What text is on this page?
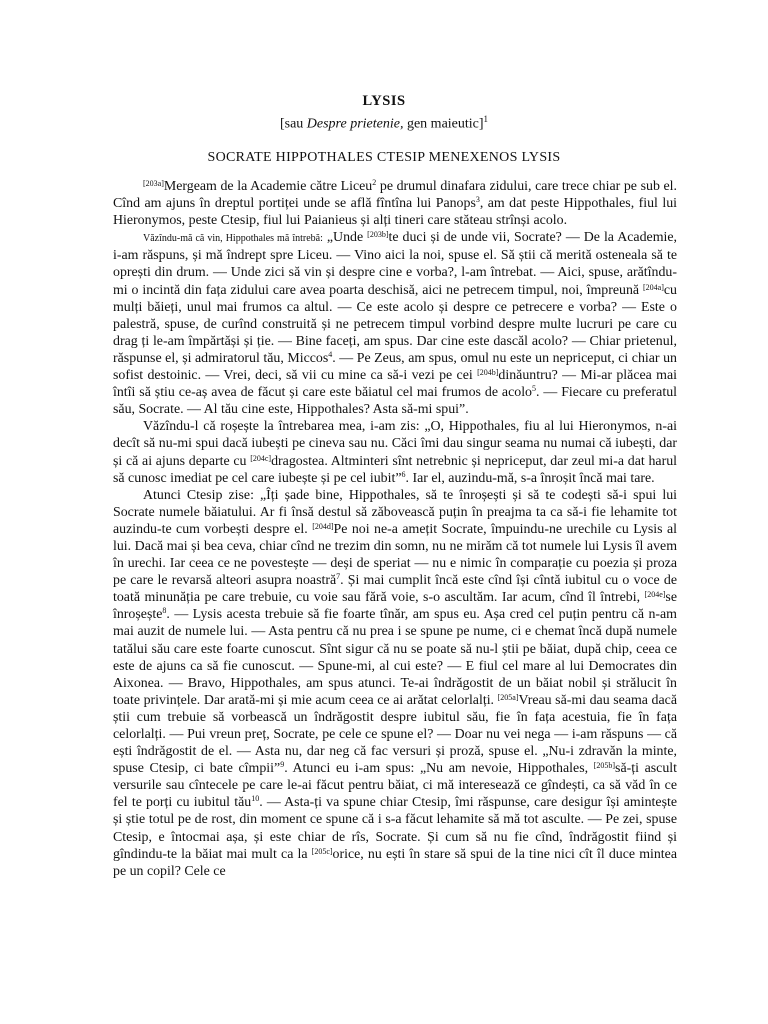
LYSIS
[sau Despre prietenie, gen maieutic]$^1$
SOCRATE HIPPOTHALES CTESIP MENEXENOS LYSIS

[203a]Mergeam de la Academie către Liceu$^2$ pe drumul dinafara zidului, care trece chiar pe sub el. Cînd am ajuns în dreptul portiței unde se află fîntîna lui Panops$^3$, am dat peste Hippothales, fiul lui Hieronymos, peste Ctesip, fiul lui Paianieus și alți tineri care stăteau strînși acolo.

Văzîndu-mă că vin, Hippothales mă întrebă: „Unde [203b]te duci și de unde vii, Socrate? — De la Academie, i-am răspuns, și mă îndrept spre Liceu. — Vino aici la noi, spuse el. Să știi că merită osteneala să te oprești din drum. — Unde zici să vin și despre cine e vorba?, l-am întrebat. — Aici, spuse, arătîndu-mi o incintă din fața zidului care avea poarta deschisă, aici ne petrecem timpul, noi, împreună [204a]cu mulți băieți, unul mai frumos ca altul. — Ce este acolo și despre ce petrecere e vorba? — Este o palestră, spuse, de curînd construită și ne petrecem timpul vorbind despre multe lucruri pe care cu drag ți le-am împărtăși și ție. — Bine faceți, am spus. Dar cine este dascăl acolo? — Chiar prietenul, răspunse el, și admiratorul tău, Miccos$^4$. — Pe Zeus, am spus, omul nu este un nepriceput, ci chiar un sofist destoinic. — Vrei, deci, să vii cu mine ca să-i vezi pe cei [204b]dinăuntru? — Mi-ar plăcea mai întîi să știu ce-aș avea de făcut și care este băiatul cel mai frumos de acolo$^5$. — Fiecare cu preferatul său, Socrate. — Al tău cine este, Hippothales? Asta să-mi spui”.

Văzîndu-l că roșește la întrebarea mea, i-am zis: „O, Hippothales, fiu al lui Hieronymos, n-ai decît să nu-mi spui dacă iubești pe cineva sau nu. Căci îmi dau singur seama nu numai că iubești, dar și că ai ajuns departe cu [204c]dragostea. Altminteri sînt netrebnic și nepriceput, dar zeul mi-a dat harul să cunosc imediat pe cel care iubește și pe cel iubit”$^6$. Iar el, auzindu-mă, s-a înroșit încă mai tare.

Atunci Ctesip zise: „Îți șade bine, Hippothales, să te înroșești și să te codești să-i spui lui Socrate numele băiatului. Ar fi însă destul să zăbovească puțin în preajma ta ca să-i fie lehamite tot auzindu-te cum vorbești despre el. [204d]Pe noi ne-a amețit Socrate, împuindu-ne urechile cu Lysis al lui. Dacă mai și bea ceva, chiar cînd ne trezim din somn, nu ne mirăm că tot numele lui Lysis îl avem în urechi. Iar ceea ce ne povestește — deși de speriat — nu e nimic în comparație cu poezia și proza pe care le revarsă alteori asupra noastră$^7$. Și mai cumplit încă este cînd își cîntă iubitul cu o voce de toată minunăția pe care trebuie, cu voie sau fără voie, s-o ascultăm. Iar acum, cînd îl întrebi, [204e]se înroșește$^8$. — Lysis acesta trebuie să fie foarte tînăr, am spus eu. Așa cred cel puțin pentru că n-am mai auzit de numele lui. — Asta pentru că nu prea i se spune pe nume, ci e chemat încă după numele tatălui său care este foarte cunoscut. Sînt sigur că nu se poate să nu-l știi pe băiat, după chip, ceea ce este de ajuns ca să fie cunoscut. — Spune-mi, al cui este? — E fiul cel mare al lui Democrates din Aixonea. — Bravo, Hippothales, am spus atunci. Te-ai îndrăgostit de un băiat nobil și strălucit în toate privințele. Dar arată-mi și mie acum ceea ce ai arătat celorlalți. [205a]Vreau să-mi dau seama dacă știi cum trebuie să vorbească un îndrăgostit despre iubitul său, fie în fața acestuia, fie în fața celorlalți. — Pui vreun preț, Socrate, pe cele ce spune el? — Doar nu vei nega — i-am răspuns — că ești îndrăgostit de el. — Asta nu, dar neg că fac versuri și proză, spuse el. „Nu-i zdravăn la minte, spuse Ctesip, ci bate cîmpii”$^9$. Atunci eu i-am spus: „Nu am nevoie, Hippothales, [205b]să-ți ascult versurile sau cîntecele pe care le-ai făcut pentru băiat, ci mă interesează ce gîndești, ca să văd în ce fel te porți cu iubitul tău$^{10}$. — Asta-ți va spune chiar Ctesip, îmi răspunse, care desigur își amintește și știe totul pe de rost, din moment ce spune că i s-a făcut lehamite să mă tot asculte. — Pe zei, spuse Ctesip, e întocmai așa, și este chiar de rîs, Socrate. Și cum să nu fie cînd, îndrăgostit fiind și gîndindu-te la băiat mai mult ca la [205c]orice, nu ești în stare să spui de la tine nici cît îl duce mintea pe un copil? Cele ce
